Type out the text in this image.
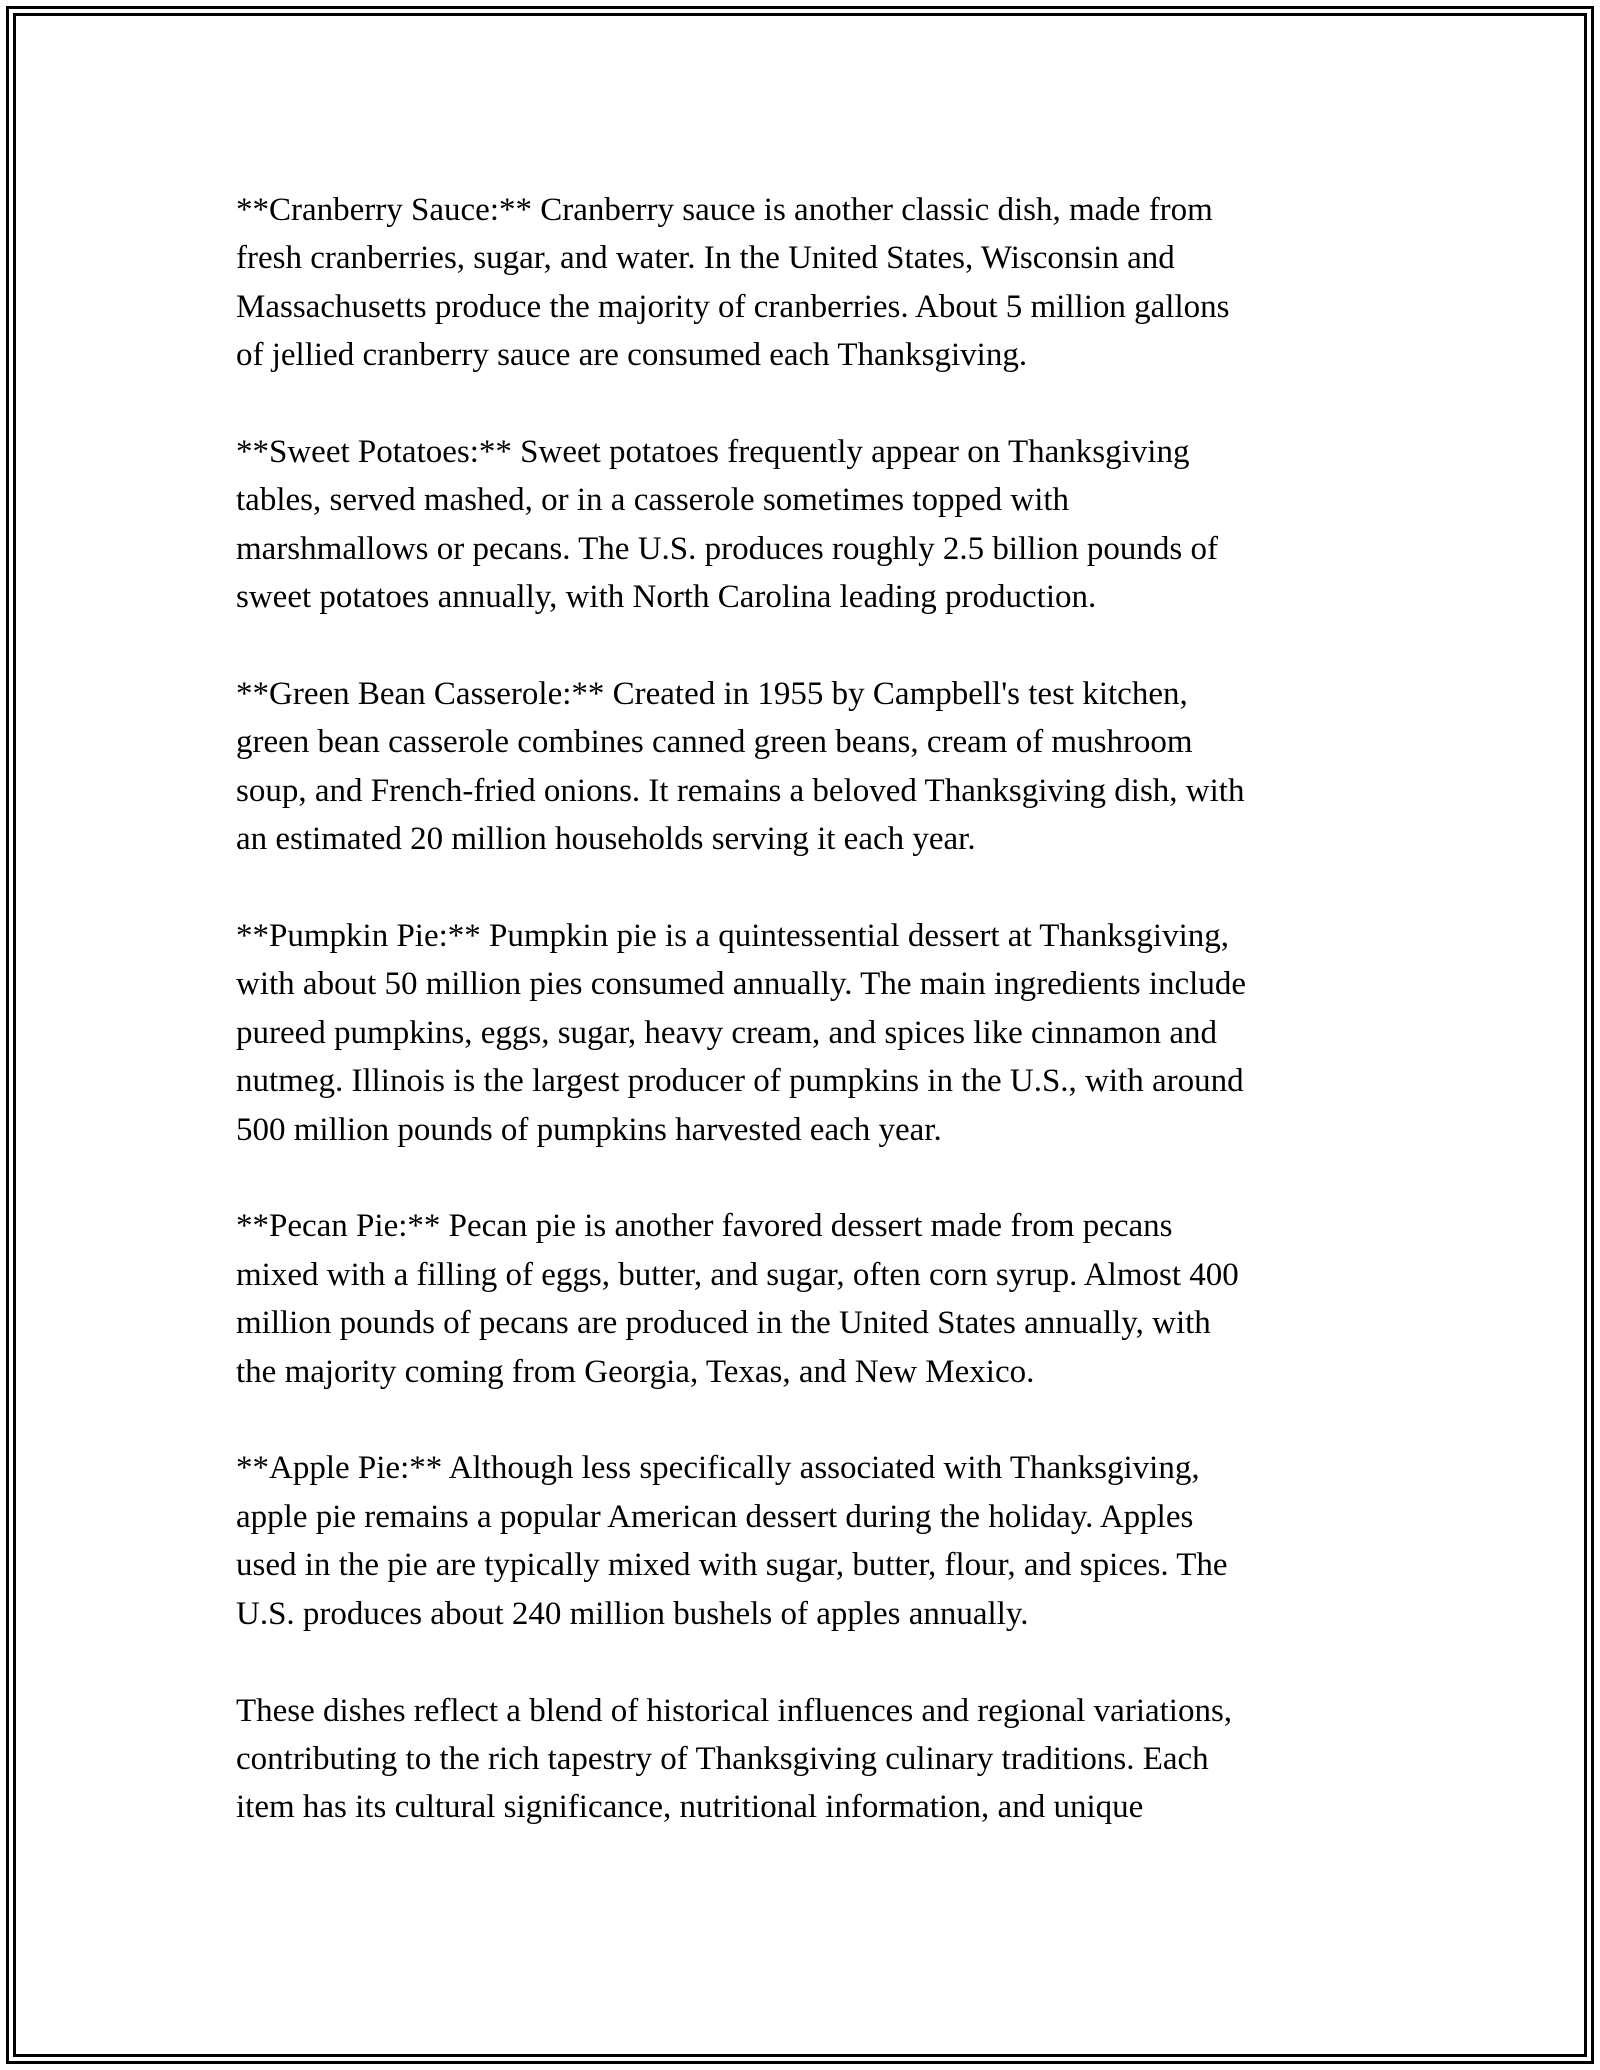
**Cranberry Sauce:** Cranberry sauce is another classic dish, made from
fresh cranberries, sugar, and water. In the United States, Wisconsin and
Massachusetts produce the majority of cranberries. About 5 million gallons
of jellied cranberry sauce are consumed each Thanksgiving.

**Sweet Potatoes:** Sweet potatoes frequently appear on Thanksgiving
tables, served mashed, or in a casserole sometimes topped with
marshmallows or pecans. The U.S. produces roughly 2.5 billion pounds of
sweet potatoes annually, with North Carolina leading production.

**Green Bean Casserole:** Created in 1955 by Campbell's test kitchen,
green bean casserole combines canned green beans, cream of mushroom
soup, and French-fried onions. It remains a beloved Thanksgiving dish, with
an estimated 20 million households serving it each year.

**Pumpkin Pie:** Pumpkin pie is a quintessential dessert at Thanksgiving,
with about 50 million pies consumed annually. The main ingredients include
pureed pumpkins, eggs, sugar, heavy cream, and spices like cinnamon and
nutmeg. Illinois is the largest producer of pumpkins in the U.S., with around
500 million pounds of pumpkins harvested each year.

**Pecan Pie:** Pecan pie is another favored dessert made from pecans
mixed with a filling of eggs, butter, and sugar, often corn syrup. Almost 400
million pounds of pecans are produced in the United States annually, with
the majority coming from Georgia, Texas, and New Mexico.

**Apple Pie:** Although less specifically associated with Thanksgiving,
apple pie remains a popular American dessert during the holiday. Apples
used in the pie are typically mixed with sugar, butter, flour, and spices. The
U.S. produces about 240 million bushels of apples annually.

These dishes reflect a blend of historical influences and regional variations,
contributing to the rich tapestry of Thanksgiving culinary traditions. Each
item has its cultural significance, nutritional information, and unique
